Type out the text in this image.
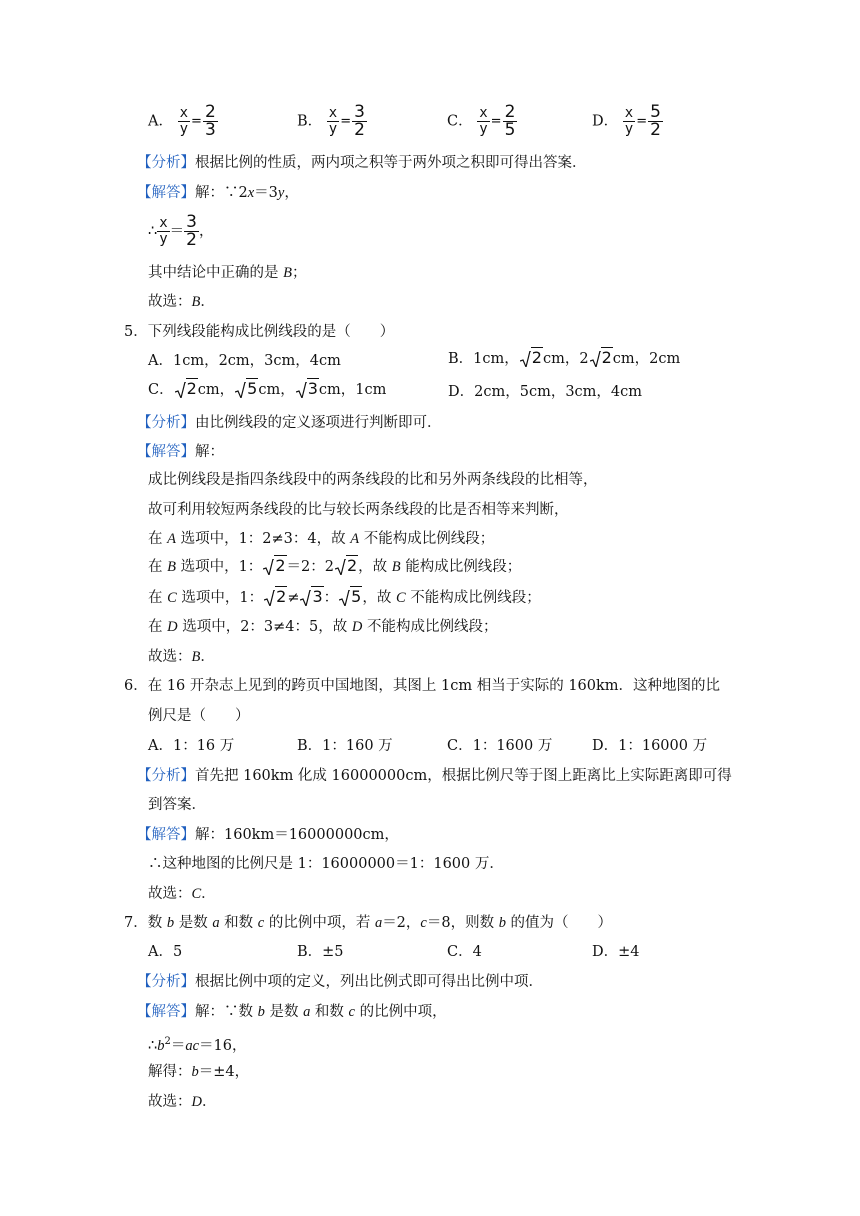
A． $\frac{x}{y} = \frac{2}{3}$	B． $\frac{x}{y} = \frac{3}{2}$	C． $\frac{x}{y} = \frac{2}{5}$	D． $\frac{x}{y} = \frac{5}{2}$
【分析】根据比例的性质，两内项之积等于两外项之积即可得出答案．
【解答】解：∵2x＝3y，
∴ $\frac{x}{y} = \frac{3}{2}$ ，
其中结论中正确的是 B；
故选：B．
5．下列线段能构成比例线段的是（　　）
A．1cm，2cm，3cm，4cm	B．1cm， 2cm，2 2cm，2cm
C． 2cm， 5cm， 3cm，1cm	D．2cm，5cm，3cm，4cm
【分析】由比例线段的定义逐项进行判断即可．
【解答】解：
成比例线段是指四条线段中的两条线段的比和另外两条线段的比相等，
故可利用较短两条线段的比与较长两条线段的比是否相等来判断，
在 A 选项中，1：2≠3：4，故 A 不能构成比例线段；
在 B 选项中，1： 2＝2：2 2，故 B 能构成比例线段；
在 C 选项中，1： 2≠ 3： 5，故 C 不能构成比例线段；
在 D 选项中，2：3≠4：5，故 D 不能构成比例线段；
故选：B．
6．在 16 开杂志上见到的跨页中国地图，其图上 1cm 相当于实际的 160km．这种地图的比
例尺是（　　）
A．1：16 万	B．1：160 万	C．1：1600 万	D．1：16000 万
【分析】首先把 160km 化成 16000000cm，根据比例尺等于图上距离比上实际距离即可得
到答案．
【解答】解：160km＝16000000cm，
∴这种地图的比例尺是 1：16000000＝1：1600 万．
故选：C．
7．数 b 是数 a 和数 c 的比例中项，若 a＝2，c＝8，则数 b 的值为（　　）
A．5	B．±5	C．4	D．±4
【分析】根据比例中项的定义，列出比例式即可得出比例中项．
【解答】解：∵数 b 是数 a 和数 c 的比例中项，
$\therefore b^2=ac=16$，
解得：b＝±4，
故选：D．
